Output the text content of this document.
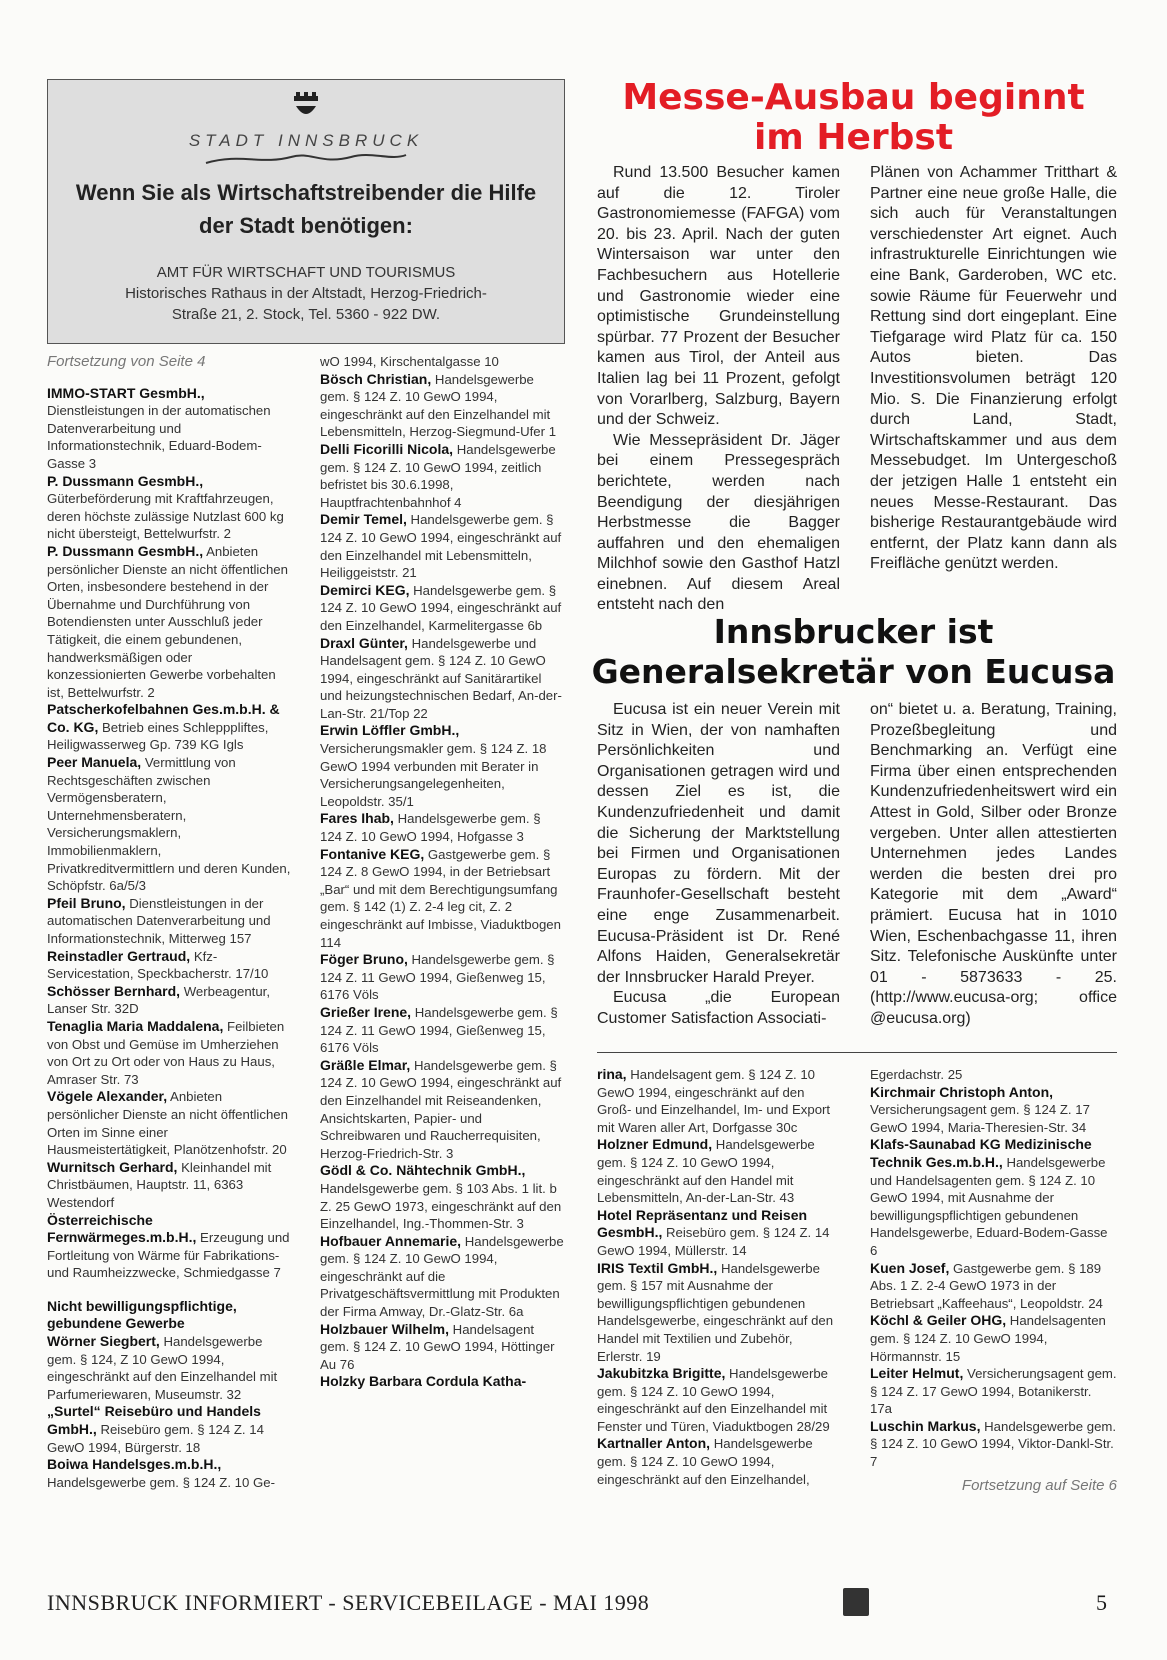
STADT INNSBRUCK
Wenn Sie als Wirtschaftstreibender die Hilfe der Stadt benötigen:
AMT FÜR WIRTSCHAFT UND TOURISMUS
Historisches Rathaus in der Altstadt, Herzog-Friedrich-
Straße 21, 2. Stock, Tel. 5360 - 922 DW.
Fortsetzung von Seite 4

IMMO-START GesmbH., Dienstleistungen in der automatischen Datenverarbeitung und Informationstechnik, Eduard-Bodem-Gasse 3

P. Dussmann GesmbH., Güterbeförderung mit Kraftfahrzeugen, deren höchste zulässige Nutzlast 600 kg nicht übersteigt, Bettelwurfstr. 2

P. Dussmann GesmbH., Anbieten persönlicher Dienste an nicht öffentlichen Orten, insbesondere bestehend in der Übernahme und Durchführung von Botendiensten unter Ausschluß jeder Tätigkeit, die einem gebundenen, handwerksmäßigen oder konzessionierten Gewerbe vorbehalten ist, Bettelwurfstr. 2

Patscherkofelbahnen Ges.m.b.H. & Co. KG, Betrieb eines Schlepppliftes, Heiligwasserweg Gp. 739 KG Igls

Peer Manuela, Vermittlung von Rechtsgeschäften zwischen Vermögensberatern, Unternehmensberatern, Versicherungsmaklern, Immobilienmaklern, Privatkreditvermittlern und deren Kunden, Schöpfstr. 6a/5/3

Pfeil Bruno, Dienstleistungen in der automatischen Datenverarbeitung und Informationstechnik, Mitterweg 157

Reinstadler Gertraud, Kfz-Servicestation, Speckbacherstr. 17/10

Schösser Bernhard, Werbeagentur, Lanser Str. 32D

Tenaglia Maria Maddalena, Feilbieten von Obst und Gemüse im Umherziehen von Ort zu Ort oder von Haus zu Haus, Amraser Str. 73

Vögele Alexander, Anbieten persönlicher Dienste an nicht öffentlichen Orten im Sinne einer Hausmeistertätigkeit, Planötzenhofstr. 20

Wurnitsch Gerhard, Kleinhandel mit Christbäumen, Hauptstr. 11, 6363 Westendorf

Österreichische Fernwärmeges.m.b.H., Erzeugung und Fortleitung von Wärme für Fabrikations- und Raumheizzwecke, Schmiedgasse 7

Nicht bewilligungspflichtige, gebundene Gewerbe

Wörner Siegbert, Handelsgewerbe gem. § 124, Z 10 GewO 1994, eingeschränkt auf den Einzelhandel mit Parfumeriewaren, Museumstr. 32

„Surtel“ Reisebüro und Handels GmbH., Reisebüro gem. § 124 Z. 14 GewO 1994, Bürgerstr. 18

Boiwa Handelsges.m.b.H., Handelsgewerbe gem. § 124 Z. 10 Ge-

wO 1994, Kirschentalgasse 10

Bösch Christian, Handelsgewerbe gem. § 124 Z. 10 GewO 1994, eingeschränkt auf den Einzelhandel mit Lebensmitteln, Herzog-Siegmund-Ufer 1

Delli Ficorilli Nicola, Handelsgewerbe gem. § 124 Z. 10 GewO 1994, zeitlich befristet bis 30.6.1998, Hauptfrachtenbahnhof 4

Demir Temel, Handelsgewerbe gem. § 124 Z. 10 GewO 1994, eingeschränkt auf den Einzelhandel mit Lebensmitteln, Heiliggeiststr. 21

Demirci KEG, Handelsgewerbe gem. § 124 Z. 10 GewO 1994, eingeschränkt auf den Einzelhandel, Karmelitergasse 6b

Draxl Günter, Handelsgewerbe und Handelsagent gem. § 124 Z. 10 GewO 1994, eingeschränkt auf Sanitärartikel und heizungstechnischen Bedarf, An-der-Lan-Str. 21/Top 22

Erwin Löffler GmbH., Versicherungsmakler gem. § 124 Z. 18 GewO 1994 verbunden mit Berater in Versicherungsangelegenheiten, Leopoldstr. 35/1

Fares Ihab, Handelsgewerbe gem. § 124 Z. 10 GewO 1994, Hofgasse 3

Fontanive KEG, Gastgewerbe gem. § 124 Z. 8 GewO 1994, in der Betriebsart „Bar“ und mit dem Berechtigungsumfang gem. § 142 (1) Z. 2-4 leg cit, Z. 2 eingeschränkt auf Imbisse, Viaduktbogen 114

Föger Bruno, Handelsgewerbe gem. § 124 Z. 11 GewO 1994, Gießenweg 15, 6176 Völs

Grießer Irene, Handelsgewerbe gem. § 124 Z. 11 GewO 1994, Gießenweg 15, 6176 Völs

Gräßle Elmar, Handelsgewerbe gem. § 124 Z. 10 GewO 1994, eingeschränkt auf den Einzelhandel mit Reiseandenken, Ansichtskarten, Papier- und Schreibwaren und Raucherrequisiten, Herzog-Friedrich-Str. 3

Gödl & Co. Nähtechnik GmbH., Handelsgewerbe gem. § 103 Abs. 1 lit. b Z. 25 GewO 1973, eingeschränkt auf den Einzelhandel, Ing.-Thommen-Str. 3

Hofbauer Annemarie, Handelsgewerbe gem. § 124 Z. 10 GewO 1994, eingeschränkt auf die Privatgeschäftsvermittlung mit Produkten der Firma Amway, Dr.-Glatz-Str. 6a

Holzbauer Wilhelm, Handelsagent gem. § 124 Z. 10 GewO 1994, Höttinger Au 76

Holzky Barbara Cordula Katha-

Messe-Ausbau beginnt
im Herbst

Rund 13.500 Besucher kamen auf die 12. Tiroler Gastronomiemesse (FAFGA) vom 20. bis 23. April. Nach der guten Wintersaison war unter den Fachbesuchern aus Hotellerie und Gastronomie wieder eine optimistische Grundeinstellung spürbar. 77 Prozent der Besucher kamen aus Tirol, der Anteil aus Italien lag bei 11 Prozent, gefolgt von Vorarlberg, Salzburg, Bayern und der Schweiz.

Wie Messepräsident Dr. Jäger bei einem Pressegespräch berichtete, werden nach Beendigung der diesjährigen Herbstmesse die Bagger auffahren und den ehemaligen Milchhof sowie den Gasthof Hatzl einebnen. Auf diesem Areal entsteht nach den

Plänen von Achammer Tritthart & Partner eine neue große Halle, die sich auch für Veranstaltungen verschiedenster Art eignet. Auch infrastrukturelle Einrichtungen wie eine Bank, Garderoben, WC etc. sowie Räume für Feuerwehr und Rettung sind dort eingeplant. Eine Tiefgarage wird Platz für ca. 150 Autos bieten. Das Investitionsvolumen beträgt 120 Mio. S. Die Finanzierung erfolgt durch Land, Stadt, Wirtschaftskammer und aus dem Messebudget. Im Untergeschoß der jetzigen Halle 1 entsteht ein neues Messe-Restaurant. Das bisherige Restaurantgebäude wird entfernt, der Platz kann dann als Freifläche genützt werden.

Innsbrucker ist
Generalsekretär von Eucusa

Eucusa ist ein neuer Verein mit Sitz in Wien, der von namhaften Persönlichkeiten und Organisationen getragen wird und dessen Ziel es ist, die Kundenzufriedenheit und damit die Sicherung der Marktstellung bei Firmen und Organisationen Europas zu fördern. Mit der Fraunhofer-Gesellschaft besteht eine enge Zusammenarbeit. Eucusa-Präsident ist Dr. René Alfons Haiden, Generalsekretär der Innsbrucker Harald Preyer.

Eucusa „die European Customer Satisfaction Associati-

on“ bietet u. a. Beratung, Training, Prozeßbegleitung und Benchmarking an. Verfügt eine Firma über einen entsprechenden Kundenzufriedenheitswert wird ein Attest in Gold, Silber oder Bronze vergeben. Unter allen attestierten Unternehmen jedes Landes werden die besten drei pro Kategorie mit dem „Award“ prämiert. Eucusa hat in 1010 Wien, Eschenbachgasse 11, ihren Sitz. Telefonische Auskünfte unter 01 - 5873633 - 25. (http://www.eucusa-org; office @eucusa.org)

rina, Handelsagent gem. § 124 Z. 10 GewO 1994, eingeschränkt auf den Groß- und Einzelhandel, Im- und Export mit Waren aller Art, Dorfgasse 30c

Holzner Edmund, Handelsgewerbe gem. § 124 Z. 10 GewO 1994, eingeschränkt auf den Handel mit Lebensmitteln, An-der-Lan-Str. 43

Hotel Repräsentanz und Reisen GesmbH., Reisebüro gem. § 124 Z. 14 GewO 1994, Müllerstr. 14

IRIS Textil GmbH., Handelsgewerbe gem. § 157 mit Ausnahme der bewilligungspflichtigen gebundenen Handelsgewerbe, eingeschränkt auf den Handel mit Textilien und Zubehör, Erlerstr. 19

Jakubitzka Brigitte, Handelsgewerbe gem. § 124 Z. 10 GewO 1994, eingeschränkt auf den Einzelhandel mit Fenster und Türen, Viaduktbogen 28/29

Kartnaller Anton, Handelsgewerbe gem. § 124 Z. 10 GewO 1994, eingeschränkt auf den Einzelhandel,

Egerdachstr. 25

Kirchmair Christoph Anton, Versicherungsagent gem. § 124 Z. 17 GewO 1994, Maria-Theresien-Str. 34

Klafs-Saunabad KG Medizinische Technik Ges.m.b.H., Handelsgewerbe und Handelsagenten gem. § 124 Z. 10 GewO 1994, mit Ausnahme der bewilligungspflichtigen gebundenen Handelsgewerbe, Eduard-Bodem-Gasse 6

Kuen Josef, Gastgewerbe gem. § 189 Abs. 1 Z. 2-4 GewO 1973 in der Betriebsart „Kaffeehaus“, Leopoldstr. 24

Köchl & Geiler OHG, Handelsagenten gem. § 124 Z. 10 GewO 1994, Hörmannstr. 15

Leiter Helmut, Versicherungsagent gem. § 124 Z. 17 GewO 1994, Botanikerstr. 17a

Luschin Markus, Handelsgewerbe gem. § 124 Z. 10 GewO 1994, Viktor-Dankl-Str. 7

Fortsetzung auf Seite 6
INNSBRUCK INFORMIERT - SERVICEBEILAGE - MAI 1998	5
